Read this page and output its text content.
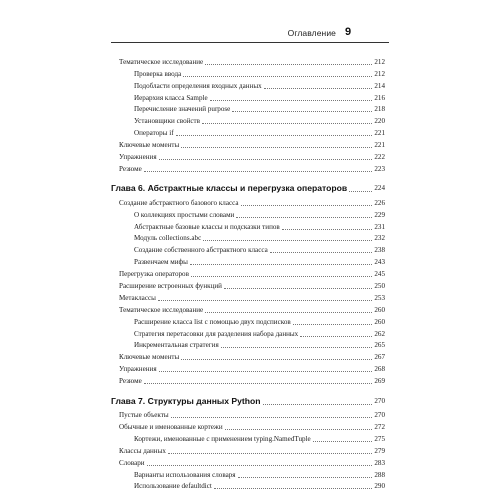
Оглавление 9
Тематическое исследование	212
Проверка ввода	212
Подобласти определения входных данных	214
Иерархия класса Sample	216
Перечисление значений purpose	218
Установщики свойств	220
Операторы if	221
Ключевые моменты	221
Упражнения	222
Резюме	223
Глава 6. Абстрактные классы и перегрузка операторов	224
Создание абстрактного базового класса	226
О коллекциях простыми словами	229
Абстрактные базовые классы и подсказки типов	231
Модуль collections.abc	232
Создание собственного абстрактного класса	238
Развенчаем мифы	243
Перегрузка операторов	245
Расширение встроенных функций	250
Метаклассы	253
Тематическое исследование	260
Расширение класса list с помощью двух подсписков	260
Стратегия перетасовки для разделения набора данных	262
Инкрементальная стратегия	265
Ключевые моменты	267
Упражнения	268
Резюме	269
Глава 7. Структуры данных Python	270
Пустые объекты	270
Обычные и именованные кортежи	272
Кортежи, именованные с применением typing.NamedTuple	275
Классы данных	279
Словари	283
Варианты использования словаря	288
Использование defaultdict	290
